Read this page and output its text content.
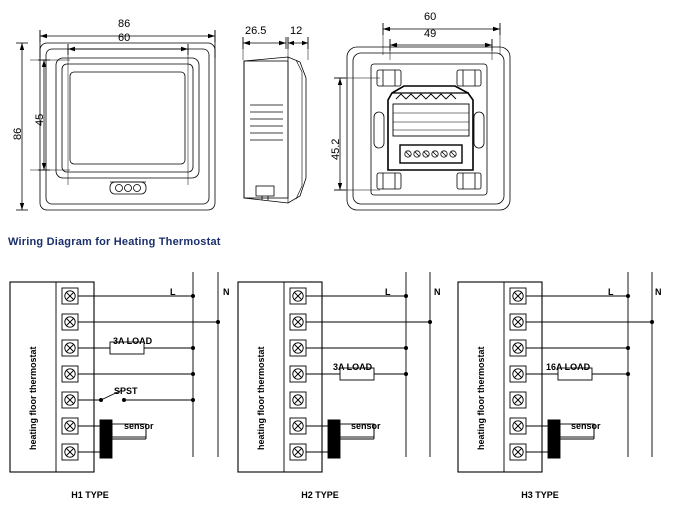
86
60
86
45
26.5 12
60
49
45.2
Wiring Diagram for Heating Thermostat
heating floor thermostat
L	N
3A LOAD
SPST
sensor
H1 TYPE
heating floor thermostat
L	N
3A LOAD
sensor
H2 TYPE
heating floor thermostat
L	N
16A LOAD
sensor
H3 TYPE
